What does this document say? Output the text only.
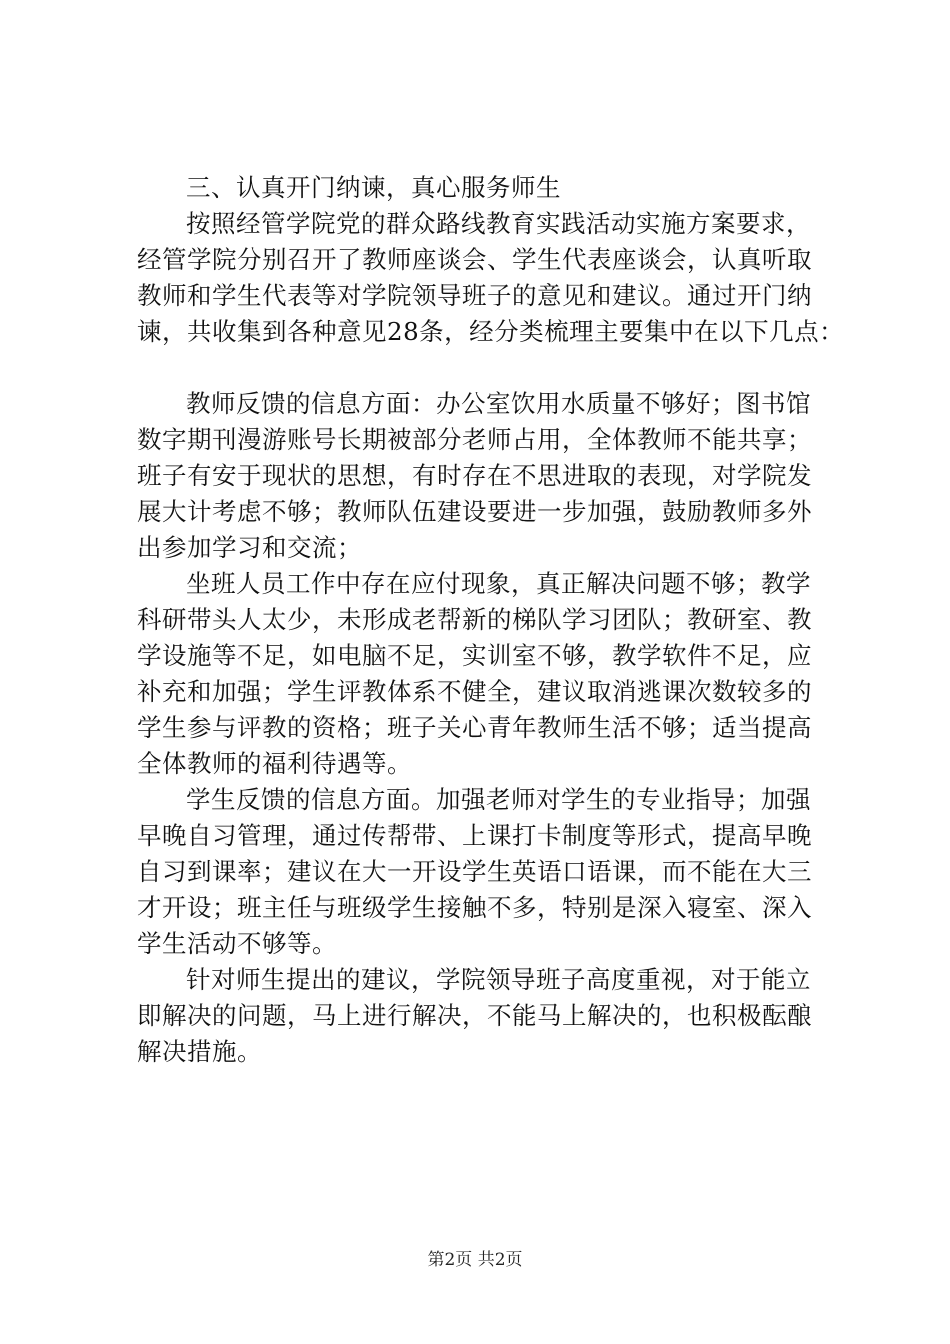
三、认真开门纳谏，真心服务师生
按照经管学院党的群众路线教育实践活动实施方案要求，
经管学院分别召开了教师座谈会、学生代表座谈会，认真听取
教师和学生代表等对学院领导班子的意见和建议。通过开门纳
谏，共收集到各种意见28条，经分类梳理主要集中在以下几点：
教师反馈的信息方面：办公室饮用水质量不够好；图书馆
数字期刊漫游账号长期被部分老师占用，全体教师不能共享；
班子有安于现状的思想，有时存在不思进取的表现，对学院发
展大计考虑不够；教师队伍建设要进一步加强，鼓励教师多外
出参加学习和交流；
坐班人员工作中存在应付现象，真正解决问题不够；教学
科研带头人太少，未形成老帮新的梯队学习团队；教研室、教
学设施等不足，如电脑不足，实训室不够，教学软件不足，应
补充和加强；学生评教体系不健全，建议取消逃课次数较多的
学生参与评教的资格；班子关心青年教师生活不够；适当提高
全体教师的福利待遇等。
学生反馈的信息方面。加强老师对学生的专业指导；加强
早晚自习管理，通过传帮带、上课打卡制度等形式，提高早晚
自习到课率；建议在大一开设学生英语口语课，而不能在大三
才开设；班主任与班级学生接触不多，特别是深入寝室、深入
学生活动不够等。
针对师生提出的建议，学院领导班子高度重视，对于能立
即解决的问题，马上进行解决，不能马上解决的，也积极酝酿
解决措施。
第2页 共2页
